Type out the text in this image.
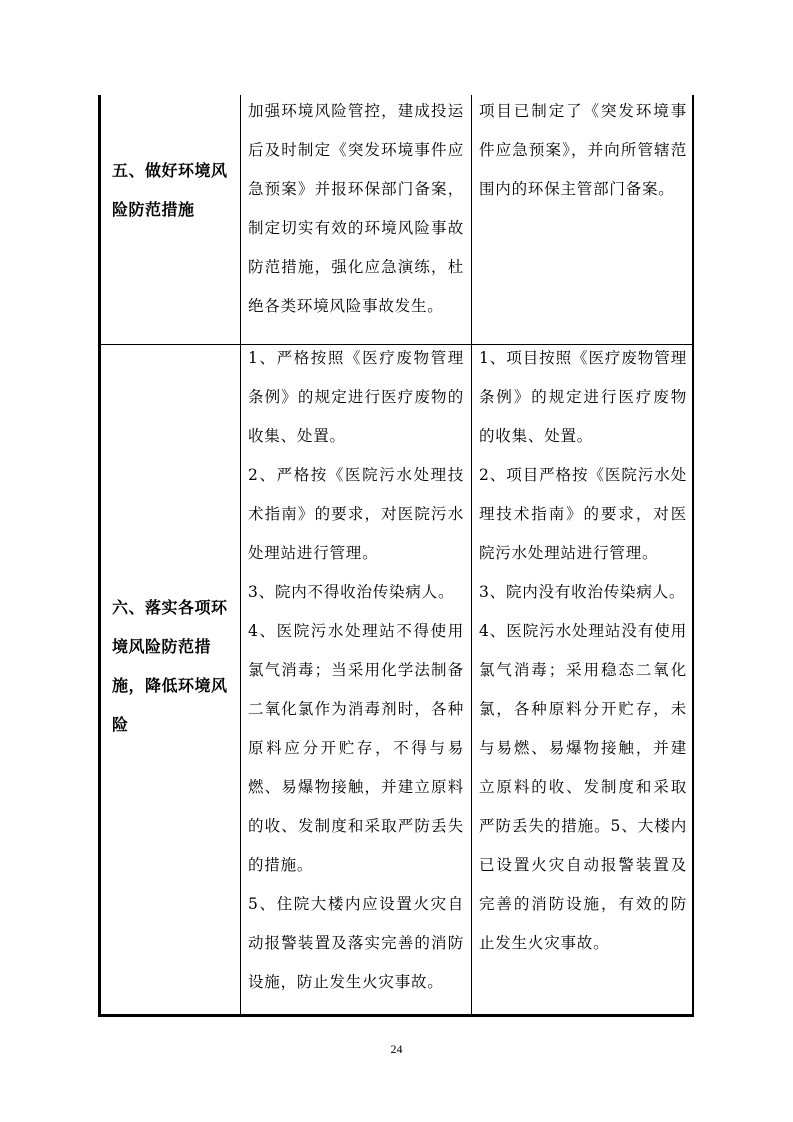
五、做好环境风险防范措施

加强环境风险管控，建成投运后及时制定《突发环境事件应急预案》并报环保部门备案，制定切实有效的环境风险事故防范措施，强化应急演练，杜绝各类环境风险事故发生。

项目已制定了《突发环境事件应急预案》，并向所管辖范围内的环保主管部门备案。

六、落实各项环境风险防范措施，降低环境风险

1、严格按照《医疗废物管理条例》的规定进行医疗废物的收集、处置。

2、严格按《医院污水处理技术指南》的要求，对医院污水处理站进行管理。

3、院内不得收治传染病人。

4、医院污水处理站不得使用氯气消毒；当采用化学法制备二氧化氯作为消毒剂时，各种原料应分开贮存，不得与易燃、易爆物接触，并建立原料的收、发制度和采取严防丢失的措施。

5、住院大楼内应设置火灾自动报警装置及落实完善的消防设施，防止发生火灾事故。

1、项目按照《医疗废物管理条例》的规定进行医疗废物的收集、处置。

2、项目严格按《医院污水处理技术指南》的要求，对医院污水处理站进行管理。

3、院内没有收治传染病人。

4、医院污水处理站没有使用氯气消毒；采用稳态二氧化氯，各种原料分开贮存，未与易燃、易爆物接触，并建立原料的收、发制度和采取严防丢失的措施。5、大楼内已设置火灾自动报警装置及完善的消防设施，有效的防止发生火灾事故。

24
